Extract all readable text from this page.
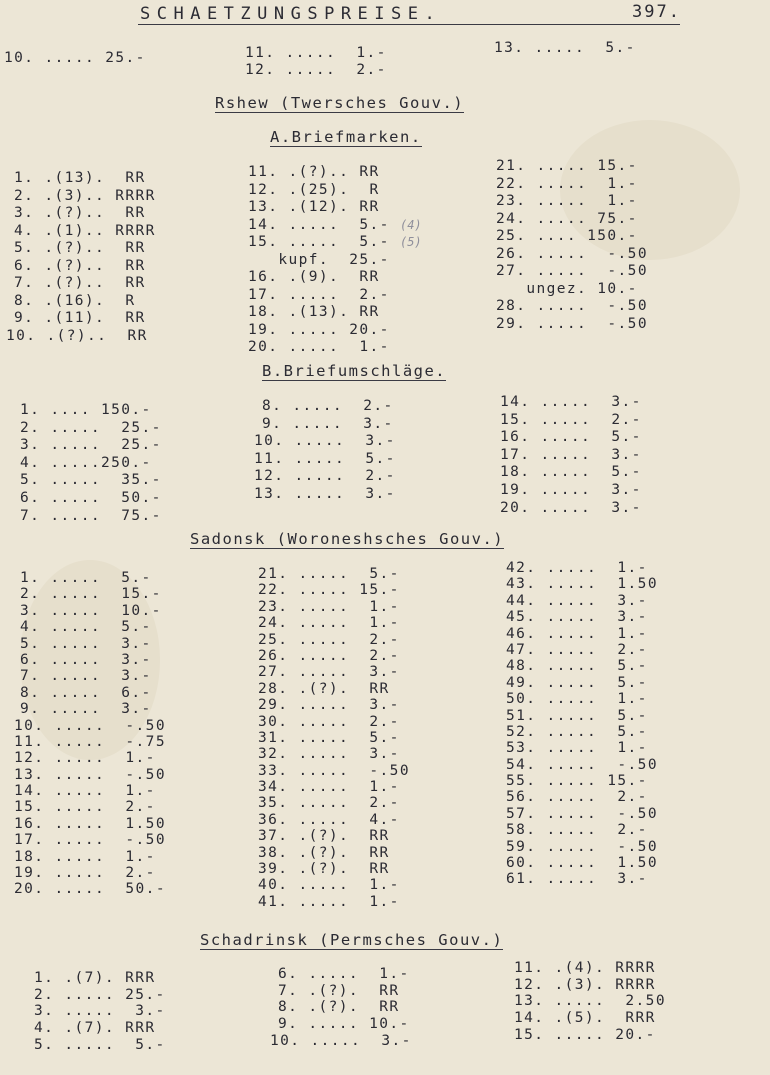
SCHAETZUNGSPREISE.	397.
10. ..... 25.-	11. .....  1.-
12. .....  2.-
13. .....  5.-
Rshew (Twersches Gouv.)
A.Briefmarken.
1. .(13).  RR
2. .(3).. RRRR
3. .(?)..  RR
4. .(1).. RRRR
5. .(?)..  RR
6. .(?)..  RR
7. .(?)..  RR
8. .(16).  R
9. .(11).  RR
10. .(?)..  RR
11. .(?).. RR
12. .(25).  R
13. .(12). RR
14. .....  5.- (4)
15. .....  5.- (5)
kupf.  25.-
16. .(9).  RR
17. .....  2.-
18. .(13). RR
19. ..... 20.-
20. .....  1.-
21. ..... 15.-
22. .....  1.-
23. .....  1.-
24. ..... 75.-
25. .... 150.-
26. .....  -.50
27. .....  -.50
ungez. 10.-
28. .....  -.50
29. .....  -.50
B.Briefumschläge.
1. .... 150.-
2. .....  25.-
3. .....  25.-
4. .....250.-
5. .....  35.-
6. .....  50.-
7. .....  75.-
8. .....  2.-
9. .....  3.-
10. .....  3.-
11. .....  5.-
12. .....  2.-
13. .....  3.-
14. .....  3.-
15. .....  2.-
16. .....  5.-
17. .....  3.-
18. .....  5.-
19. .....  3.-
20. .....  3.-
Sadonsk (Woroneshsches Gouv.)
1. .....  5.-
2. .....  15.-
3. .....  10.-
4. .....  5.-
5. .....  3.-
6. .....  3.-
7. .....  3.-
8. .....  6.-
9. .....  3.-
10. .....  -.50
11. .....  -.75
12. .....  1.-
13. .....  -.50
14. .....  1.-
15. .....  2.-
16. .....  1.50
17. .....  -.50
18. .....  1.-
19. .....  2.-
20. .....  50.-
21. .....  5.-
22. ..... 15.-
23. .....  1.-
24. .....  1.-
25. .....  2.-
26. .....  2.-
27. .....  3.-
28. .(?).  RR
29. .....  3.-
30. .....  2.-
31. .....  5.-
32. .....  3.-
33. .....  -.50
34. .....  1.-
35. .....  2.-
36. .....  4.-
37. .(?).  RR
38. .(?).  RR
39. .(?).  RR
40. .....  1.-
41. .....  1.-
42. .....  1.-
43. .....  1.50
44. .....  3.-
45. .....  3.-
46. .....  1.-
47. .....  2.-
48. .....  5.-
49. .....  5.-
50. .....  1.-
51. .....  5.-
52. .....  5.-
53. .....  1.-
54. .....  -.50
55. ..... 15.-
56. .....  2.-
57. .....  -.50
58. .....  2.-
59. .....  -.50
60. .....  1.50
61. .....  3.-
Schadrinsk (Permsches Gouv.)
1. .(7). RRR
2. ..... 25.-
3. .....  3.-
4. .(7). RRR
5. .....  5.-
6. .....  1.-
7. .(?).  RR
8. .(?).  RR
9. ..... 10.-
10. .....  3.-
11. .(4). RRRR
12. .(3). RRRR
13. .....  2.50
14. .(5).  RRR
15. ..... 20.-
